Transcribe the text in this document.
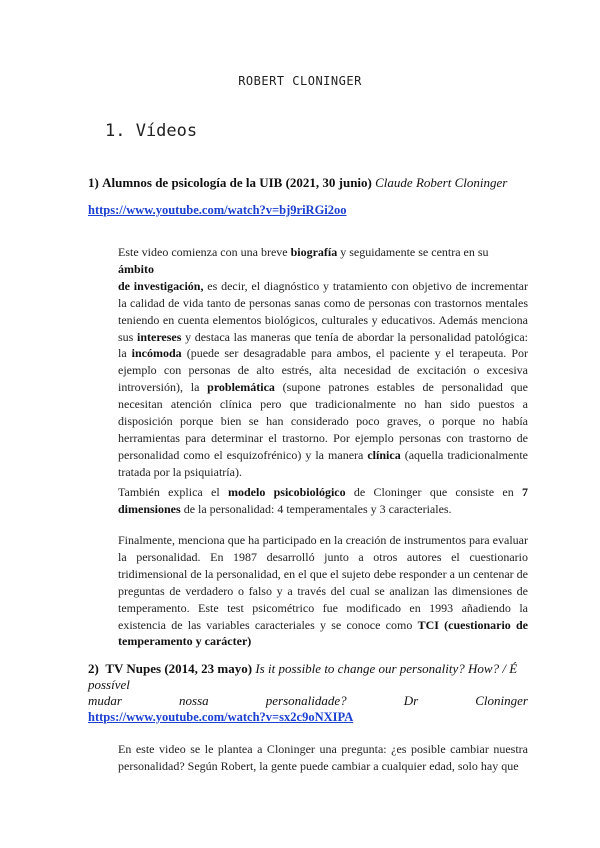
ROBERT CLONINGER
1. Vídeos
1) Alumnos de psicología de la UIB (2021, 30 junio) Claude Robert Cloninger
https://www.youtube.com/watch?v=bj9riRGi2oo
Este video comienza con una breve biografía y seguidamente se centra en su
ámbito
de investigación, es decir, el diagnóstico y tratamiento con objetivo de incrementar la calidad de vida tanto de personas sanas como de personas con trastornos mentales teniendo en cuenta elementos biológicos, culturales y educativos. Además menciona sus intereses y destaca las maneras que tenía de abordar la personalidad patológica: la incómoda (puede ser desagradable para ambos, el paciente y el terapeuta. Por ejemplo con personas de alto estrés, alta necesidad de excitación o excesiva introversión), la problemática (supone patrones estables de personalidad que necesitan atención clínica pero que tradicionalmente no han sido puestos a disposición porque bien se han considerado poco graves, o porque no había herramientas para determinar el trastorno. Por ejemplo personas con trastorno de personalidad como el esquizofrénico) y la manera clínica (aquella tradicionalmente tratada por la psiquiatría).
También explica el modelo psicobiológico de Cloninger que consiste en 7 dimensiones de la personalidad: 4 temperamentales y 3 caracteriales.
Finalmente, menciona que ha participado en la creación de instrumentos para evaluar la personalidad. En 1987 desarrolló junto a otros autores el cuestionario tridimensional de la personalidad, en el que el sujeto debe responder a un centenar de preguntas de verdadero o falso y a través del cual se analizan las dimensiones de temperamento. Este test psicométrico fue modificado en 1993 añadiendo la existencia de las variables caracteriales y se conoce como TCI (cuestionario de temperamento y carácter)
2) TV Nupes (2014, 23 mayo) Is it possible to change our personality? How? / É possível
mudar	nossa	personalidade?	Dr	Cloninger
https://www.youtube.com/watch?v=sx2c9oNXIPA
En este video se le plantea a Cloninger una pregunta: ¿es posible cambiar nuestra personalidad? Según Robert, la gente puede cambiar a cualquier edad, solo hay que
